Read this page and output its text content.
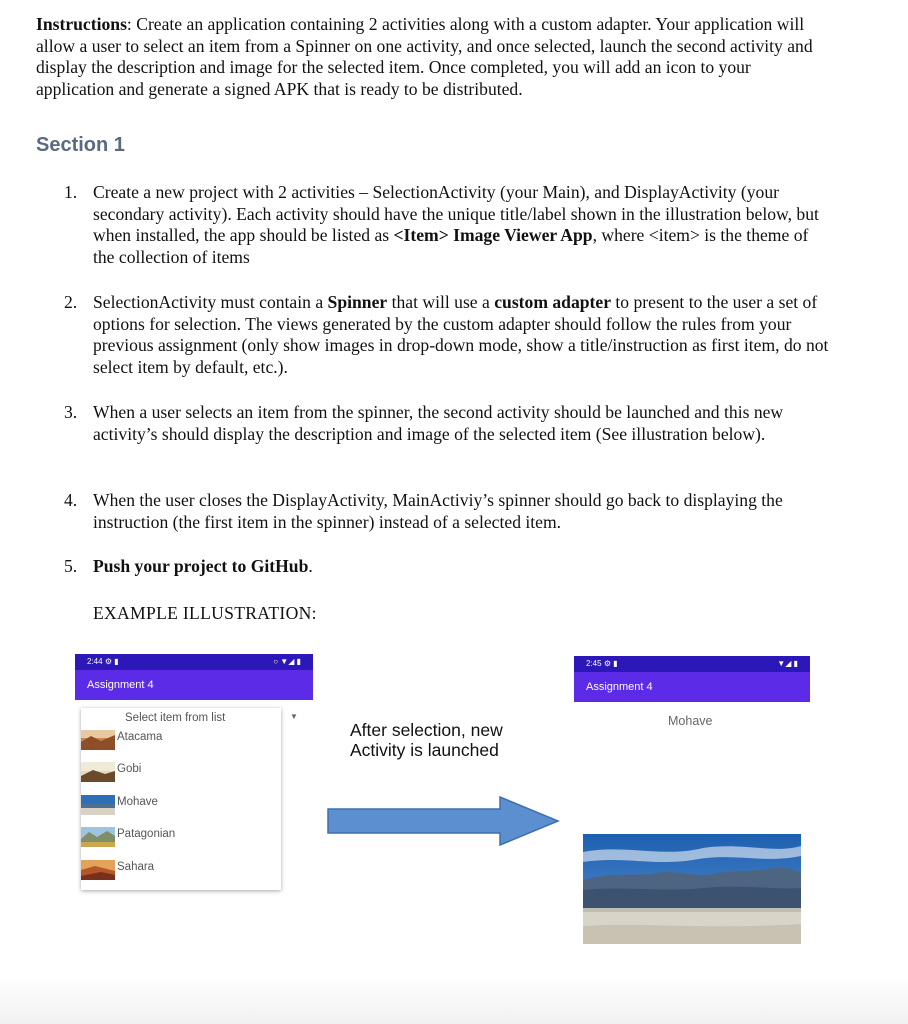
Instructions: Create an application containing 2 activities along with a custom adapter. Your application will allow a user to select an item from a Spinner on one activity, and once selected, launch the second activity and display the description and image for the selected item. Once completed, you will add an icon to your application and generate a signed APK that is ready to be distributed.

Section 1
1. Create a new project with 2 activities – SelectionActivity (your Main), and DisplayActivity (your secondary activity). Each activity should have the unique title/label shown in the illustration below, but when installed, the app should be listed as <Item> Image Viewer App, where <item> is the theme of the collection of items
2. SelectionActivity must contain a Spinner that will use a custom adapter to present to the user a set of options for selection. The views generated by the custom adapter should follow the rules from your previous assignment (only show images in drop-down mode, show a title/instruction as first item, do not select item by default, etc.).
3. When a user selects an item from the spinner, the second activity should be launched and this new activity’s should display the description and image of the selected item (See illustration below).
4. When the user closes the DisplayActivity, MainActiviy’s spinner should go back to displaying the instruction (the first item in the spinner) instead of a selected item.
5. Push your project to GitHub.
EXAMPLE ILLUSTRATION:
2:44 ⚙ ▮	○ ▼◢ ▮
Assignment 4
Select item from list
Atacama
Gobi
Mohave
Patagonian
Sahara
▼
After selection, new Activity is launched
2:45 ⚙ ▮	▼◢ ▮
Assignment 4
Mohave
